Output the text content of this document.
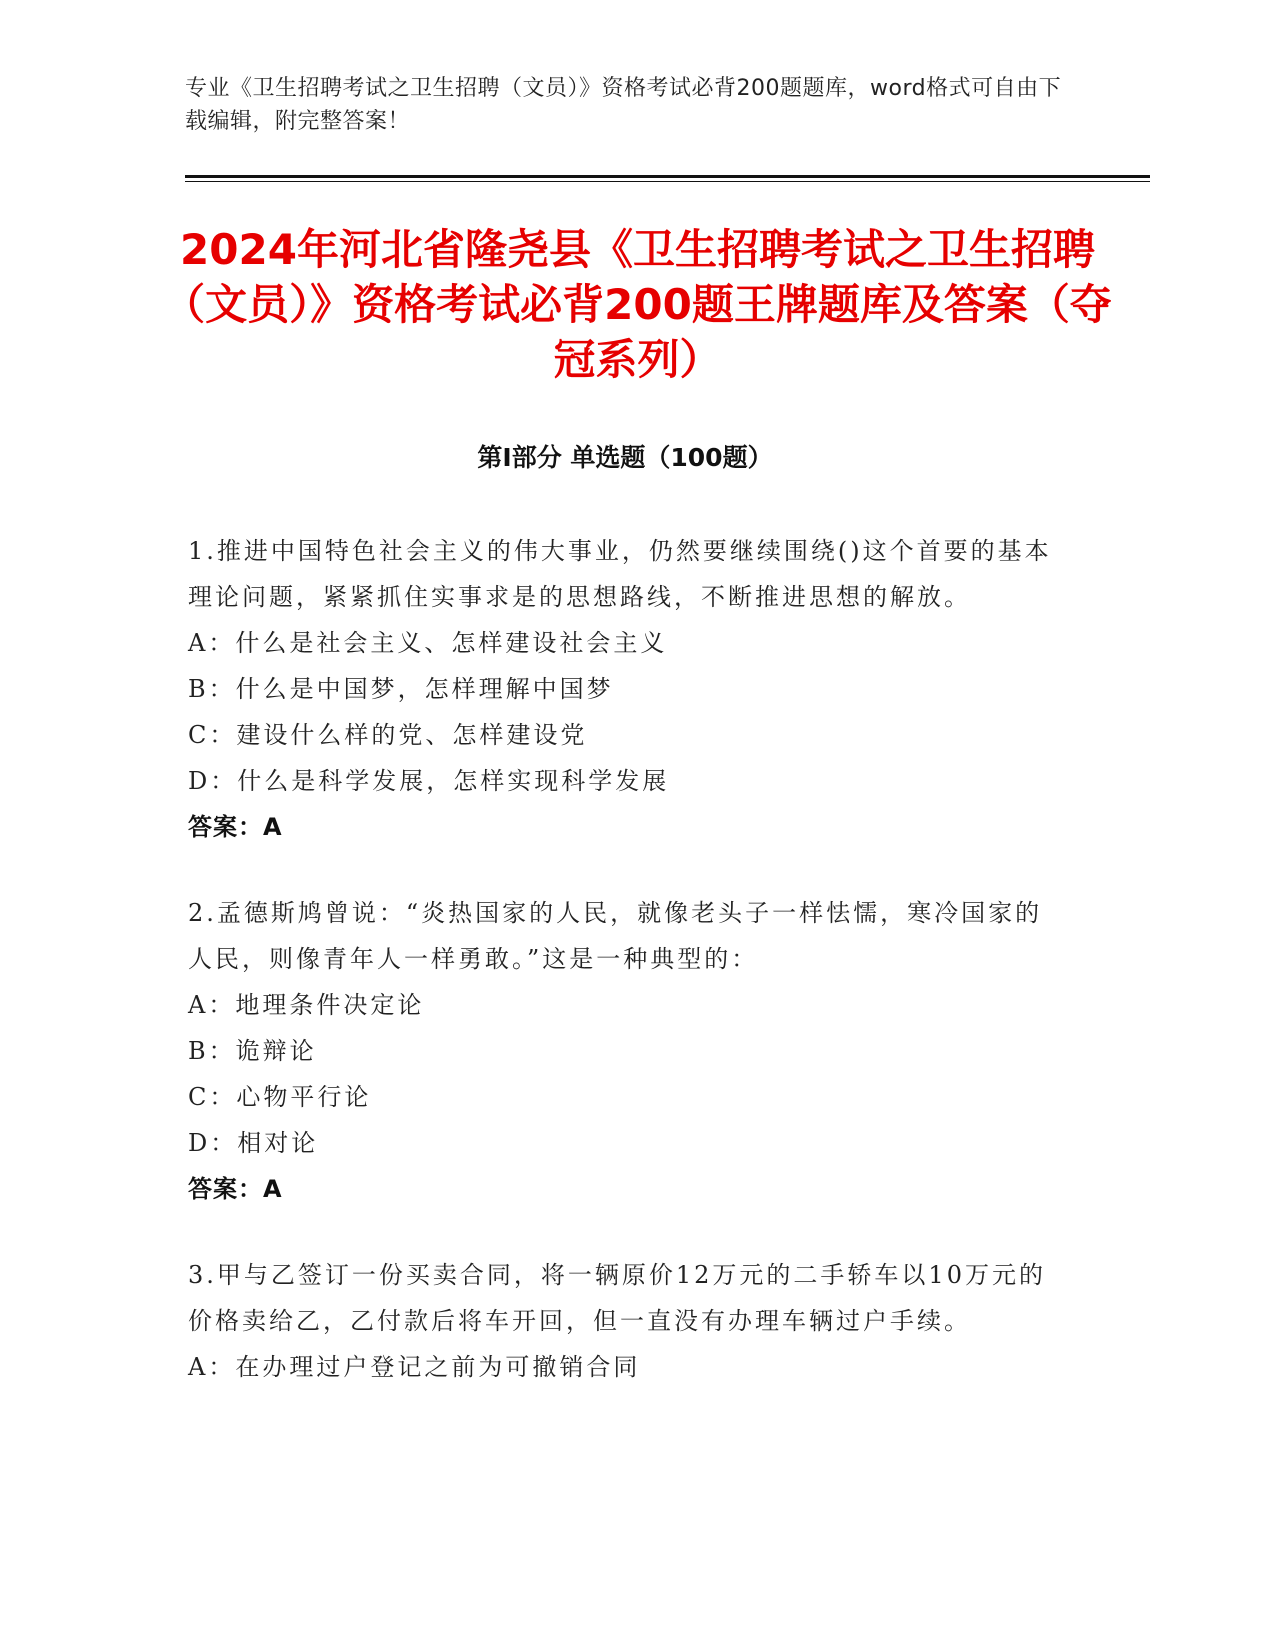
专业《卫生招聘考试之卫生招聘（文员）》资格考试必背200题题库，word格式可自由下载编辑，附完整答案！
2024年河北省隆尧县《卫生招聘考试之卫生招聘（文员）》资格考试必背200题王牌题库及答案（夺冠系列）
第Ⅰ部分 单选题（100题）
1.推进中国特色社会主义的伟大事业，仍然要继续围绕()这个首要的基本理论问题，紧紧抓住实事求是的思想路线，不断推进思想的解放。
A：什么是社会主义、怎样建设社会主义
B：什么是中国梦，怎样理解中国梦
C：建设什么样的党、怎样建设党
D：什么是科学发展，怎样实现科学发展
答案：A
2.孟德斯鸠曾说：“炎热国家的人民，就像老头子一样怯懦，寒冷国家的人民，则像青年人一样勇敢。”这是一种典型的：
A：地理条件决定论
B：诡辩论
C：心物平行论
D：相对论
答案：A
3.甲与乙签订一份买卖合同，将一辆原价12万元的二手轿车以10万元的价格卖给乙，乙付款后将车开回，但一直没有办理车辆过户手续。
A：在办理过户登记之前为可撤销合同
